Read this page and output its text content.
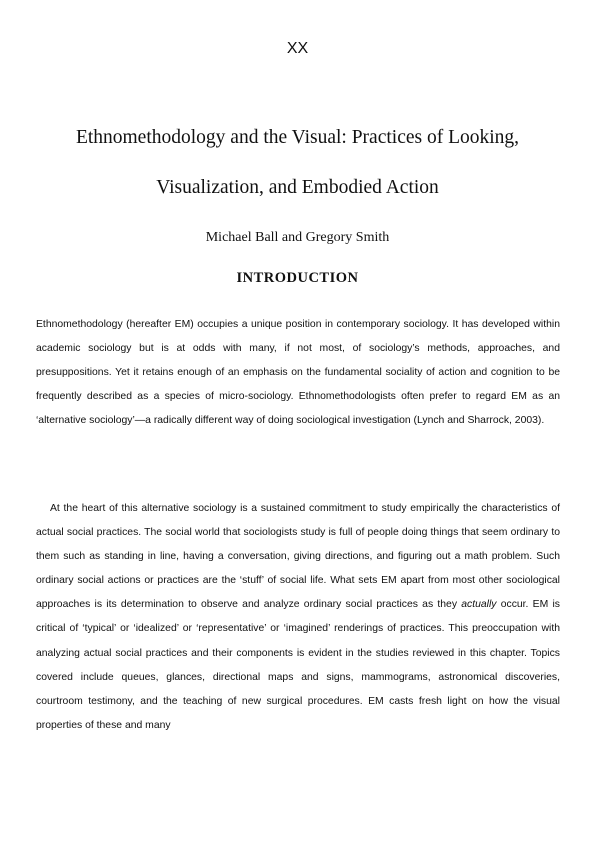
XX
Ethnomethodology and the Visual: Practices of Looking, Visualization, and Embodied Action
Michael Ball and Gregory Smith
INTRODUCTION

Ethnomethodology (hereafter EM) occupies a unique position in contemporary sociology. It has developed within academic sociology but is at odds with many, if not most, of sociology’s methods, approaches, and presuppositions. Yet it retains enough of an emphasis on the fundamental sociality of action and cognition to be frequently described as a species of micro-sociology. Ethnomethodologists often prefer to regard EM as an ‘alternative sociology’—a radically different way of doing sociological investigation (Lynch and Sharrock, 2003).

At the heart of this alternative sociology is a sustained commitment to study empirically the characteristics of actual social practices. The social world that sociologists study is full of people doing things that seem ordinary to them such as standing in line, having a conversation, giving directions, and figuring out a math problem. Such ordinary social actions or practices are the ‘stuff’ of social life. What sets EM apart from most other sociological approaches is its determination to observe and analyze ordinary social practices as they actually occur. EM is critical of ‘typical’ or ‘idealized’ or ‘representative’ or ‘imagined’ renderings of practices. This preoccupation with analyzing actual social practices and their components is evident in the studies reviewed in this chapter. Topics covered include queues, glances, directional maps and signs, mammograms, astronomical discoveries, courtroom testimony, and the teaching of new surgical procedures. EM casts fresh light on how the visual properties of these and many
